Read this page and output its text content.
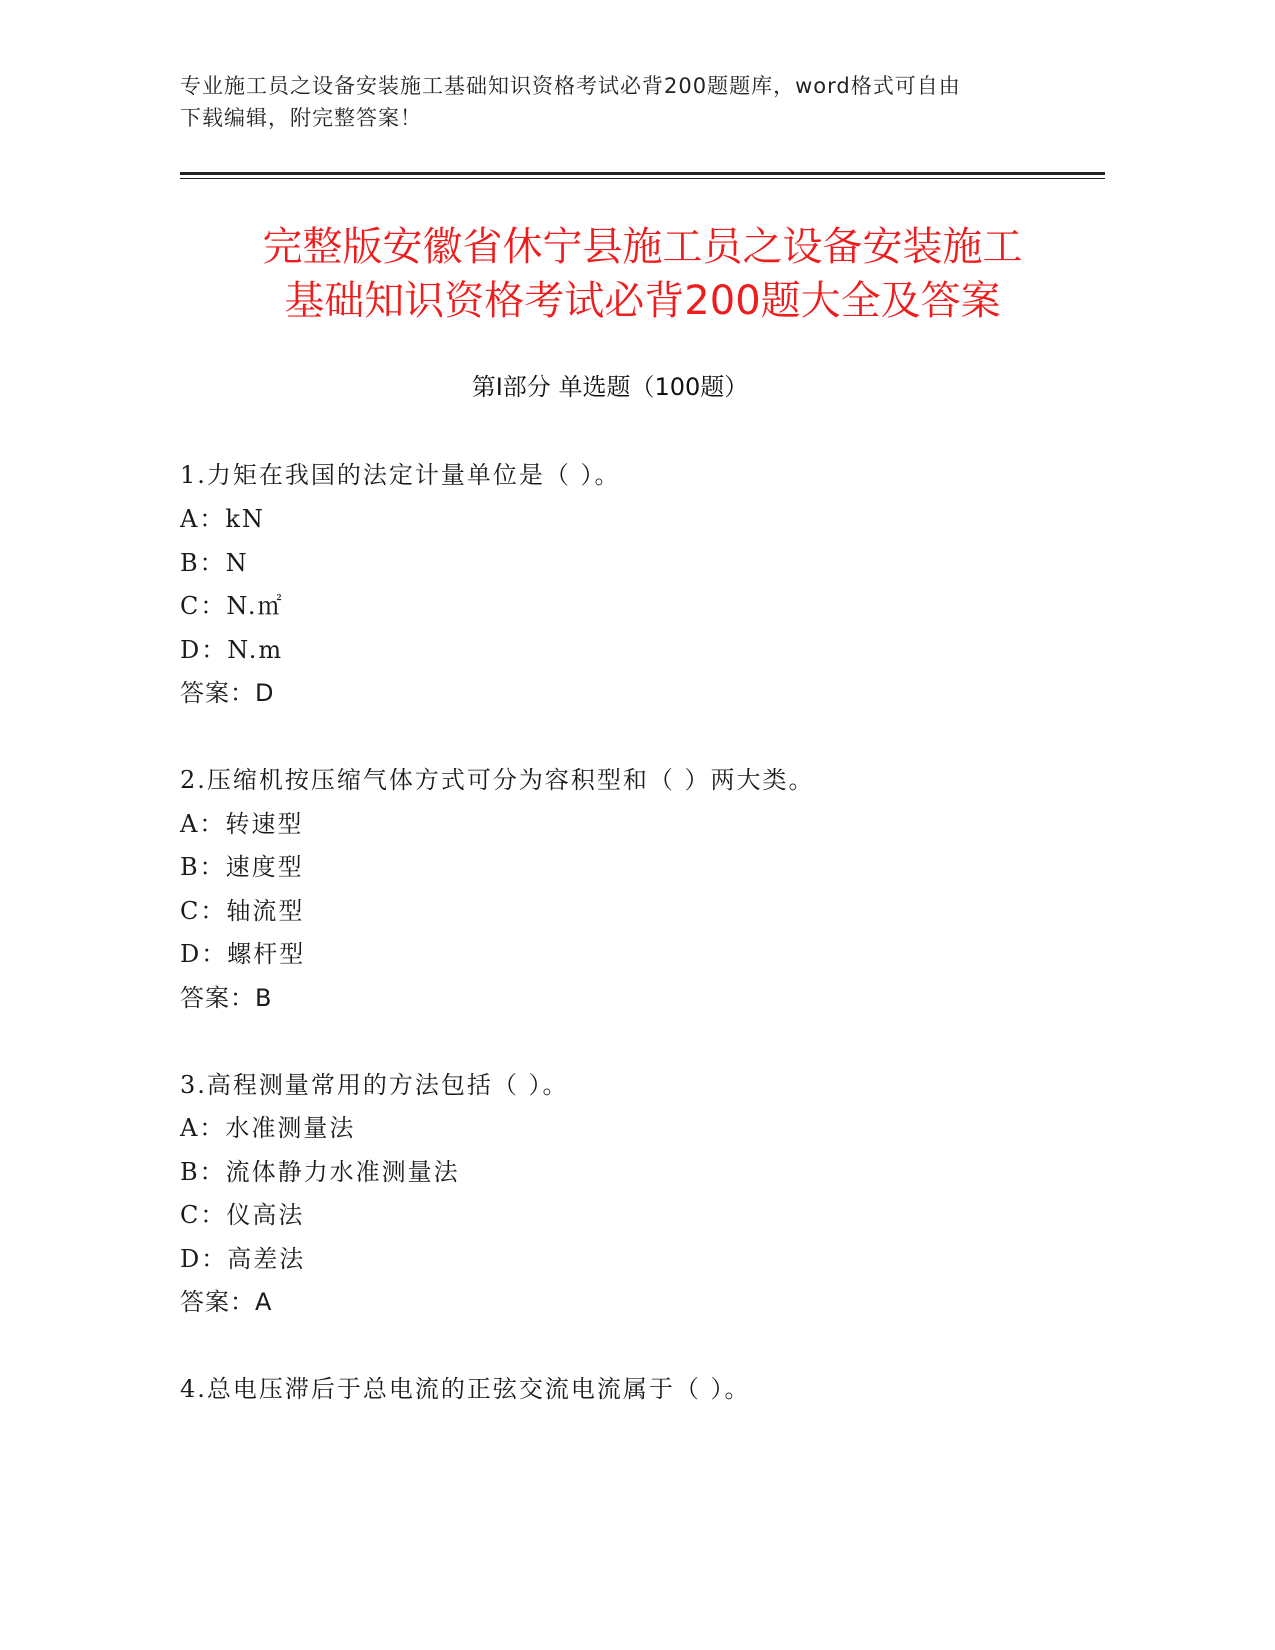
专业施工员之设备安装施工基础知识资格考试必背200题题库，word格式可自由
下载编辑，附完整答案！
完整版安徽省休宁县施工员之设备安装施工
基础知识资格考试必背200题大全及答案
第Ⅰ部分 单选题（100题）
1.力矩在我国的法定计量单位是（ ）。
A：kN
B：N
C：N.㎡
D：N.m
答案：D
2.压缩机按压缩气体方式可分为容积型和（ ）两大类。
A：转速型
B：速度型
C：轴流型
D：螺杆型
答案：B
3.高程测量常用的方法包括（ ）。
A：水准测量法
B：流体静力水准测量法
C：仪高法
D：高差法
答案：A
4.总电压滞后于总电流的正弦交流电流属于（ ）。
